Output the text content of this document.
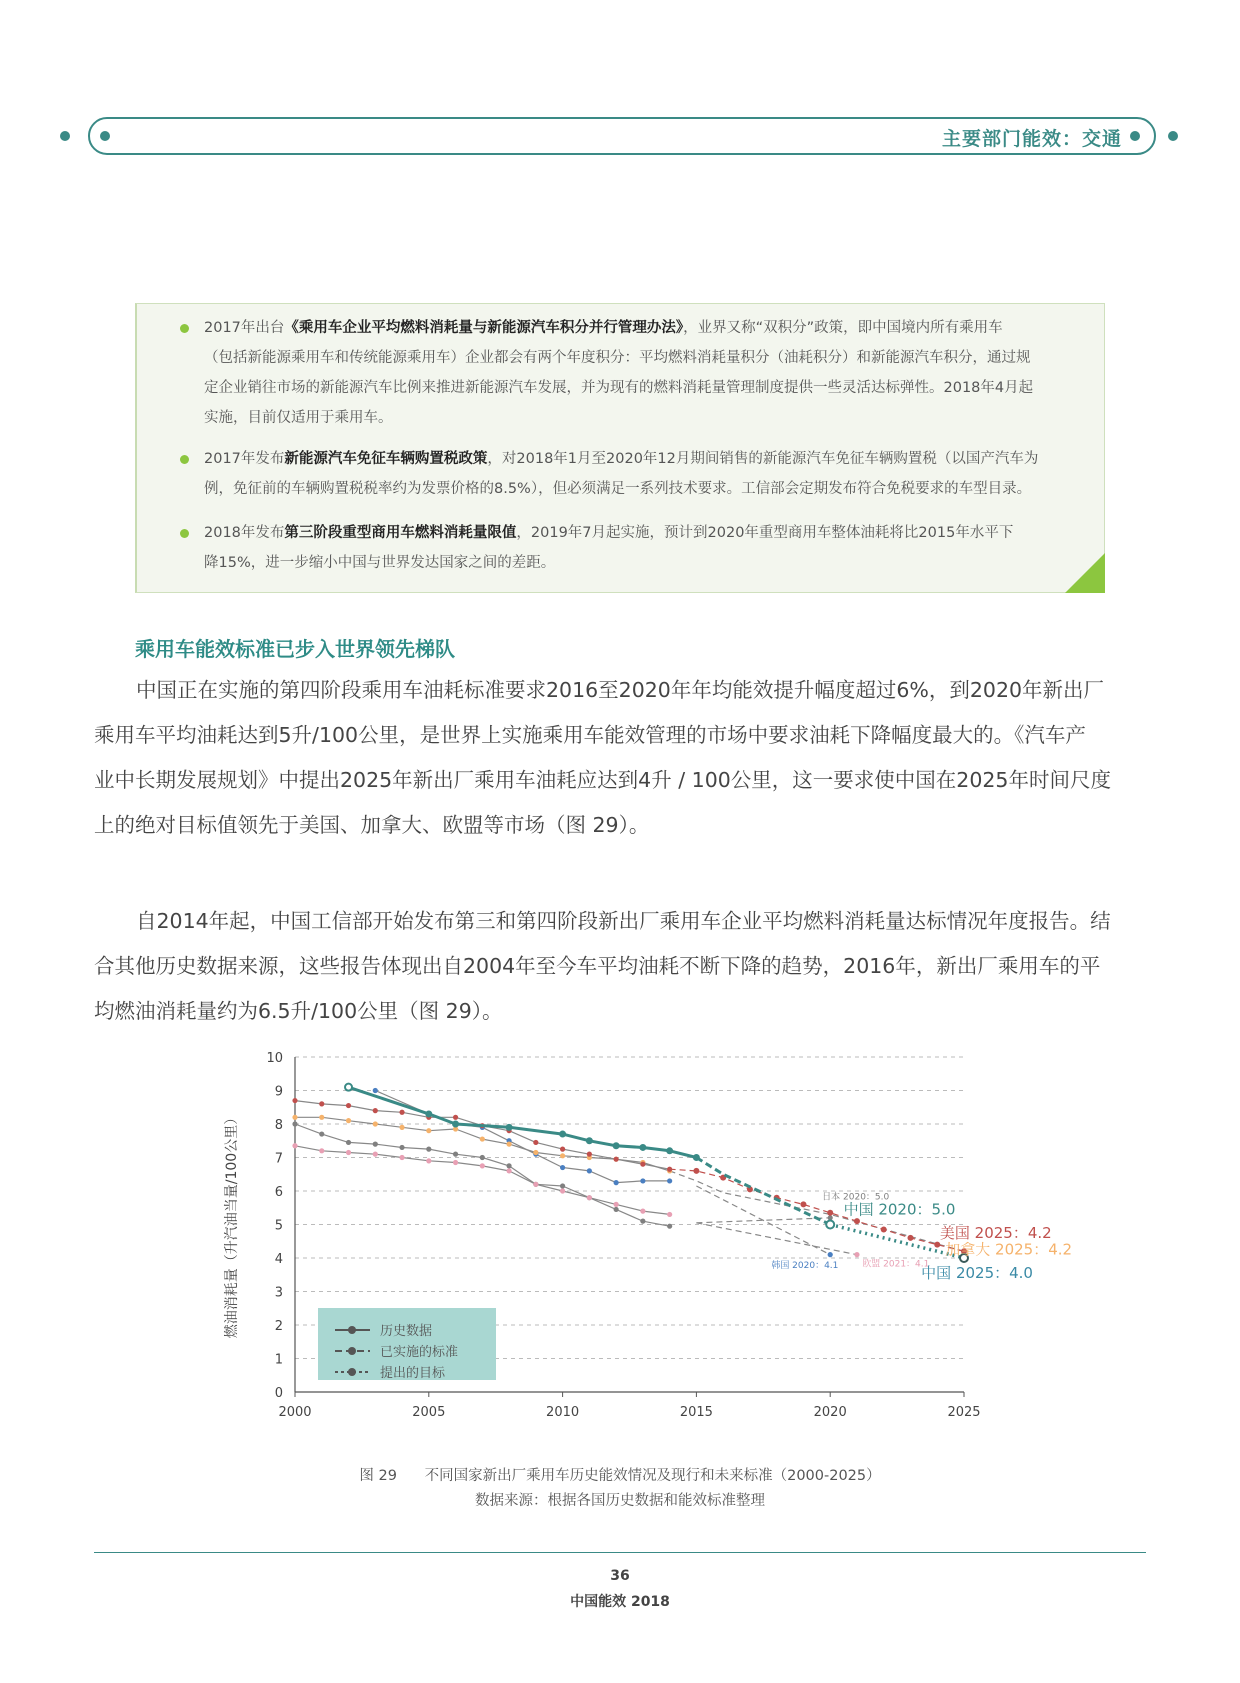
主要部门能效：交通
2017年出台《乘用车企业平均燃料消耗量与新能源汽车积分并行管理办法》，业界又称“双积分”政策，即中国境内所有乘用车
（包括新能源乘用车和传统能源乘用车）企业都会有两个年度积分：平均燃料消耗量积分（油耗积分）和新能源汽车积分，通过规
定企业销往市场的新能源汽车比例来推进新能源汽车发展，并为现有的燃料消耗量管理制度提供一些灵活达标弹性。2018年4月起
实施，目前仅适用于乘用车。
2017年发布新能源汽车免征车辆购置税政策，对2018年1月至2020年12月期间销售的新能源汽车免征车辆购置税（以国产汽车为
例，免征前的车辆购置税税率约为发票价格的8.5%），但必须满足一系列技术要求。工信部会定期发布符合免税要求的车型目录。
2018年发布第三阶段重型商用车燃料消耗量限值，2019年7月起实施，预计到2020年重型商用车整体油耗将比2015年水平下
降15%，进一步缩小中国与世界发达国家之间的差距。
乘用车能效标准已步入世界领先梯队
中国正在实施的第四阶段乘用车油耗标准要求2016至2020年年均能效提升幅度超过6%，到2020年新出厂
乘用车平均油耗达到5升/100公里，是世界上实施乘用车能效管理的市场中要求油耗下降幅度最大的。《汽车产
业中长期发展规划》中提出2025年新出厂乘用车油耗应达到4升 / 100公里，这一要求使中国在2025年时间尺度
上的绝对目标值领先于美国、加拿大、欧盟等市场（图 29）。
自2014年起，中国工信部开始发布第三和第四阶段新出厂乘用车企业平均燃料消耗量达标情况年度报告。结
合其他历史数据来源，这些报告体现出自2004年至今车平均油耗不断下降的趋势，2016年，新出厂乘用车的平
均燃油消耗量约为6.5升/100公里（图 29）。
0
1
2
3
4
5
6
7
8
9
10
2000	2005	2010	2015	2020	2025
燃油消耗量（升汽油当量/100公里）	日本 2020：5.0
中国 2020：5.0
美国 2025：4.2
加拿大 2025：4.2
韩国 2020：4.1	欧盟 2021：4.1
中国 2025：4.0
历史数据
已实施的标准
提出的目标
图 29      不同国家新出厂乘用车历史能效情况及现行和未来标准（2000-2025）
数据来源：根据各国历史数据和能效标准整理
36
中国能效 2018
